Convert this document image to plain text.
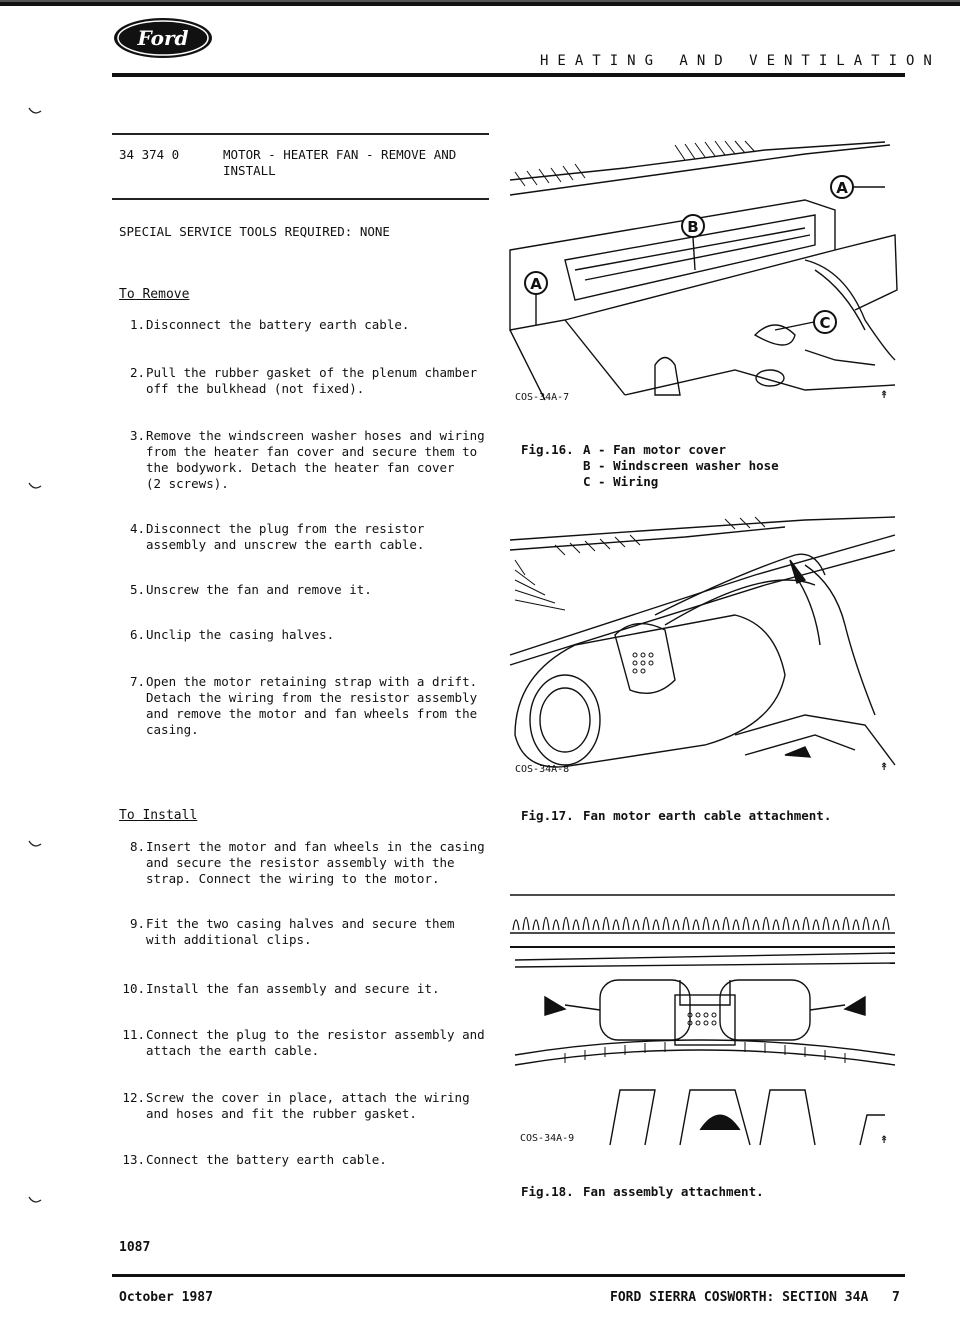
Ford
HEATING AND VENTILATION
34 374 0	MOTOR - HEATER FAN - REMOVE AND
INSTALL
SPECIAL SERVICE TOOLS REQUIRED: NONE
To Remove
1. Disconnect the battery earth cable.
2. Pull the rubber gasket of the plenum chamber
off the bulkhead (not fixed).
3. Remove the windscreen washer hoses and wiring
from the heater fan cover and secure them to
the bodywork. Detach the heater fan cover
(2 screws).
4. Disconnect the plug from the resistor
assembly and unscrew the earth cable.
5. Unscrew the fan and remove it.
6. Unclip the casing halves.
7. Open the motor retaining strap with a drift.
Detach the wiring from the resistor assembly
and remove the motor and fan wheels from the
casing.
To Install
8. Insert the motor and fan wheels in the casing
and secure the resistor assembly with the
strap. Connect the wiring to the motor.
9. Fit the two casing halves and secure them
with additional clips.
10. Install the fan assembly and secure it.
11. Connect the plug to the resistor assembly and
attach the earth cable.
12. Screw the cover in place, attach the wiring
and hoses and fit the rubber gasket.
13. Connect the battery earth cable.
↟
A
B
A
C
COS-34A-7
Fig.16. A - Fan motor cover
B - Windscreen washer hose
C - Wiring
↟
COS-34A-8
Fig.17. Fan motor earth cable attachment.
↟
COS-34A-9
Fig.18. Fan assembly attachment.
1087
October 1987	FORD SIERRA COSWORTH: SECTION 34A 7
